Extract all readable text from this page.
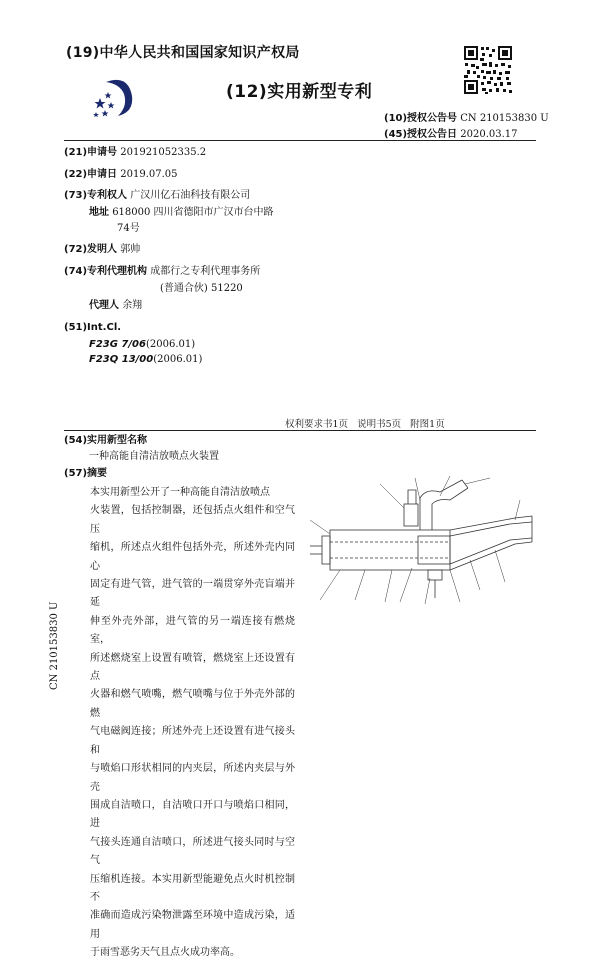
(19)中华人民共和国国家知识产权局
(12)实用新型专利
(10)授权公告号 CN 210153830 U
(45)授权公告日 2020.03.17
(21)申请号 201921052335.2
(22)申请日 2019.07.05
(73)专利权人 广汉川亿石油科技有限公司
地址 618000 四川省德阳市广汉市台中路
74号
(72)发明人 郭帅
(74)专利代理机构 成都行之专利代理事务所
(普通合伙) 51220
代理人 余翔
(51)Int.Cl.
F23G 7/06(2006.01)
F23Q 13/00(2006.01)
权利要求书1页 说明书5页 附图1页
(54)实用新型名称
一种高能自清洁放喷点火装置
(57)摘要
本实用新型公开了一种高能自清洁放喷点
火装置，包括控制器，还包括点火组件和空气压
缩机，所述点火组件包括外壳，所述外壳内同心
固定有进气管，进气管的一端贯穿外壳盲端并延
伸至外壳外部，进气管的另一端连接有燃烧室，
所述燃烧室上设置有喷管，燃烧室上还设置有点
火器和燃气喷嘴，燃气喷嘴与位于外壳外部的燃
气电磁阀连接；所述外壳上还设置有进气接头和
与喷焰口形状相同的内夹层，所述内夹层与外壳
围成自洁喷口，自洁喷口开口与喷焰口相同，进
气接头连通自洁喷口，所述进气接头同时与空气
压缩机连接。本实用新型能避免点火时机控制不
准确而造成污染物泄露至环境中造成污染，适用
于雨雪恶劣天气且点火成功率高。
CN 210153830 U
